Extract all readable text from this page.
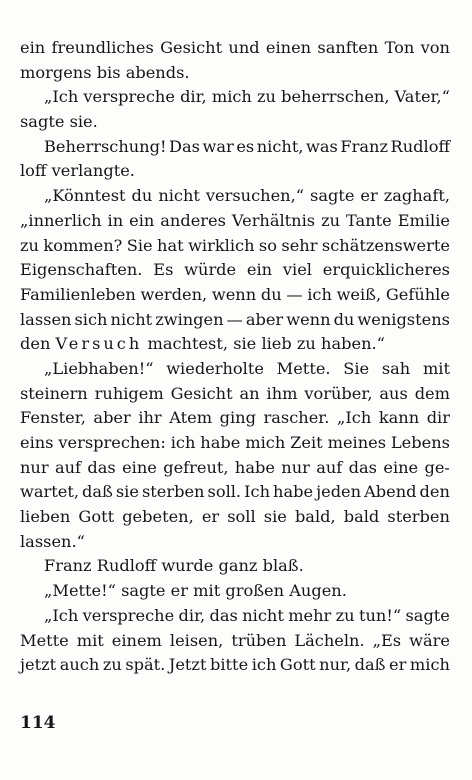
ein freundliches Gesicht und einen sanften Ton von
morgens bis abends.
„Ich verspreche dir, mich zu beherrschen, Vater,“
sagte sie.
Beherrschung! Das war es nicht, was Franz Rudloff
loff verlangte.
„Könntest du nicht versuchen,“ sagte er zaghaft,
„innerlich in ein anderes Verhältnis zu Tante Emilie
zu kommen? Sie hat wirklich so sehr schätzenswerte
Eigenschaften. Es würde ein viel erquicklicheres
Familienleben werden, wenn du — ich weiß, Gefühle
lassen sich nicht zwingen — aber wenn du wenigstens
den Versuch machtest, sie lieb zu haben.“
„Liebhaben!“ wiederholte Mette. Sie sah mit
steinern ruhigem Gesicht an ihm vorüber, aus dem
Fenster, aber ihr Atem ging rascher. „Ich kann dir
eins versprechen: ich habe mich Zeit meines Lebens
nur auf das eine gefreut, habe nur auf das eine ge-
wartet, daß sie sterben soll. Ich habe jeden Abend den
lieben Gott gebeten, er soll sie bald, bald sterben
lassen.“
Franz Rudloff wurde ganz blaß.
„Mette!“ sagte er mit großen Augen.
„Ich verspreche dir, das nicht mehr zu tun!“ sagte
Mette mit einem leisen, trüben Lächeln. „Es wäre
jetzt auch zu spät. Jetzt bitte ich Gott nur, daß er mich
114
